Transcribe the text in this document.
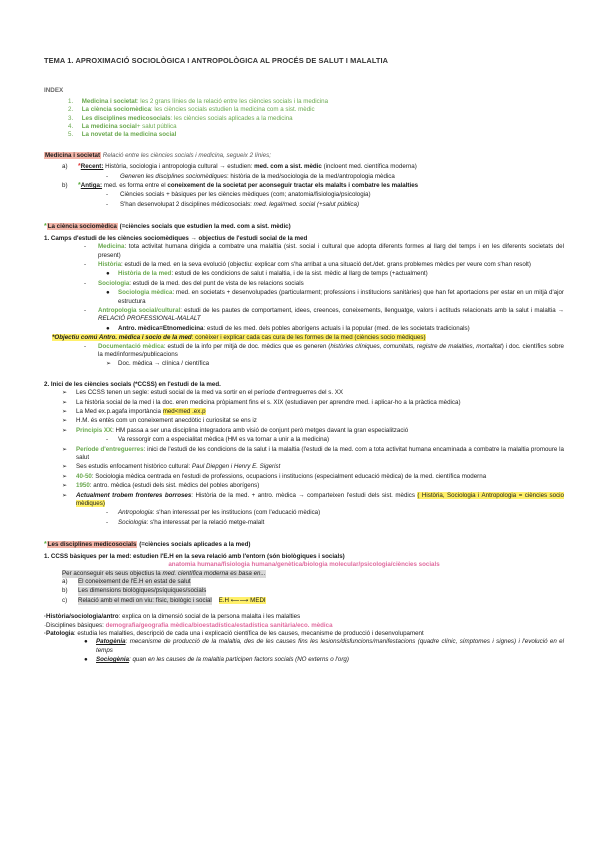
TEMA 1. APROXIMACIÓ SOCIOLÒGICA I ANTROPOLÒGICA AL PROCÉS DE SALUT I MALALTIA
INDEX
1. Medicina i societat: les 2 grans línies de la relació entre les ciències socials i la medicina
2. La ciència sociomèdica: les ciències socials estudien la medicina com a sist. mèdic
3. Les disciplines medicosocials: les ciències socials aplicades a la medicina
4. La medicina social+ salut pública
5. La novetat de la medicina social
Medicina i societat Relació entre les ciències socials i medicina, segueix 2 línies;
a)	*Recent: Història, sociologia i antropologia cultural → estudien: med. com a sist. mèdic (incloent med. científica moderna)
-	Generen les disciplines sociomèdiques: història de la med/sociologia de la med/antropologia mèdica
b)	*Antiga: med. es forma entre el coneixement de la societat per aconseguir tractar els malalts i combatre les malalties
-	Ciències socials + bàsiques per les ciències mèdiques (com; anatomia/fisiologia/psicologia)
-	S'han desenvolupat 2 disciplines médicosocials: med. legal/med. social (+salut pública)
*La ciència sociomèdica (=ciències socials que estudien la med. com a sist. mèdic)
1. Camps d'estudi de les ciències sociomèdiques → objectius de l'estudi social de la med
-	Medicina: tota activitat humana dirigida a combatre una malaltia (sist. social i cultural que adopta diferents formes al llarg del temps i en les diferents societats del present)
-	Història: estudi de la med. en la seva evolució (objectiu: explicar com s'ha arribat a una situació det./det. grans problemes mèdics per veure com s'han resolt)
●	Història de la med: estudi de les condicions de salut i malaltia, i de la sist. mèdic al llarg de temps (+actualment)
-	Sociologia: estudi de la med. des del punt de vista de les relacions socials
●	Sociologia mèdica: med. en societats + desenvolupades (particularment; professions i institucions sanitàries) que han fet aportacions per estar en un mitjà d'ajor estructura
-	Antropologia social/cultural: estudi de les pautes de comportament, idees, creences, coneixements, llenguatge, valors i actituds relacionats amb la salut i malaltia → RELACIÓ PROFESSIONAL-MALALT
●	Antro. mèdica=Etnomedicina: estudi de les med. dels pobles aborígens actuals i la popular (med. de les societats tradicionals)
*Objectiu comú Antro. mèdica i socio de la med: conèixer i explicar cada cas cura de les formes de la med (ciències socio mèdiques)
-	Documentació mèdica: estudi de la info per mitjà de doc. mèdics que es generen (històries clíniques, comunitats, registre de malalties, mortalitat) i doc. científics sobre la med/informes/publicacions
➢	Doc. mèdica → clínica / científica
2. Inici de les ciències socials (*CCSS) en l'estudi de la med.
➢	Les CCSS tenen un segle: estudi social de la med va sortir en el període d'entreguerres del s. XX
➢	La història social de la med i la doc. eren medicina pròpiament fins el s. XIX (estudiaven per aprendre med. i aplicar-ho a la pràctica mèdica)
➢	La Med ex.p.agafa importància med<med .ex.p
➢	H.M. és entès com un coneixement anecdòtic i curiositat se ens iz
➢	Principis XX: HM passa a ser una disciplina integradora amb visió de conjunt però metges davant la gran especialització
-	Va ressorgir com a especialitat mèdica (HM es va tornar a unir a la medicina)
➢	Període d'entreguerres: inici de l'estudi de les condicions de la salut i la malaltia (l'estudi de la med. com a tota activitat humana encaminada a combatre la malaltia promoure la salut
➢	Ses estudis enfocament històrico cultural: Paul Diepgen i Henry E. Sigerist
➢	40-50: Sociologia mèdica centrada en l'estudi de professions, ocupacions i institucions (especialment educació mèdica) de la med. científica moderna
➢	1950: antro. mèdica (estudi dels sist. mèdics del pobles aborígens)
➢	Actualment trobem fronteres borroses: Història de la med. + antro. mèdica → comparteixen l'estudi dels sist. mèdics ( Història, Sociologia i Antropologia = ciències socio mèdiques)
-	Antropologia: s'han interessat per les institucions (com l'educació mèdica)
-	Sociologia: s'ha interessat per la relació metge-malalt
*Les disciplines medicosocials (=ciències socials aplicades a la med)
1. CCSS bàsiques per la med: estudien l'E.H en la seva relació amb l'entorn (són biològiques i socials)
anatomia humana/fisiologia humana/genètica/biologia molecular/psicologia/ciències socials
Per aconseguir els seus objectius la med. científica moderna es basa en...
a)	El coneixement de l'E.H en estat de salut
b)	Les dimensions biològiques/psíquiques/socials
c)	Relació amb el medi on viu: físic, biològic i social E.H ⟵⟶ MEDI
·Història/sociologia/antro: explica on la dimensió social de la persona malalta i les malalties
·Disciplines bàsiques: demografia/geografia mèdica/bioestadística/estadística sanitària/eco. mèdica
·Patologia: estudia les malalties, descripció de cada una i explicació científica de les causes, mecanisme de producció i desenvolupament
●	Patogènia: mecanisme de producció de la malaltia, des de les causes fins les lesions/disfuncions/manifestacions (quadre clínic, símptomes i signes) i l'evolució en el temps
●	Sociogènia: quan en les causes de la malaltia participen factors socials (NO externs o l'org)
